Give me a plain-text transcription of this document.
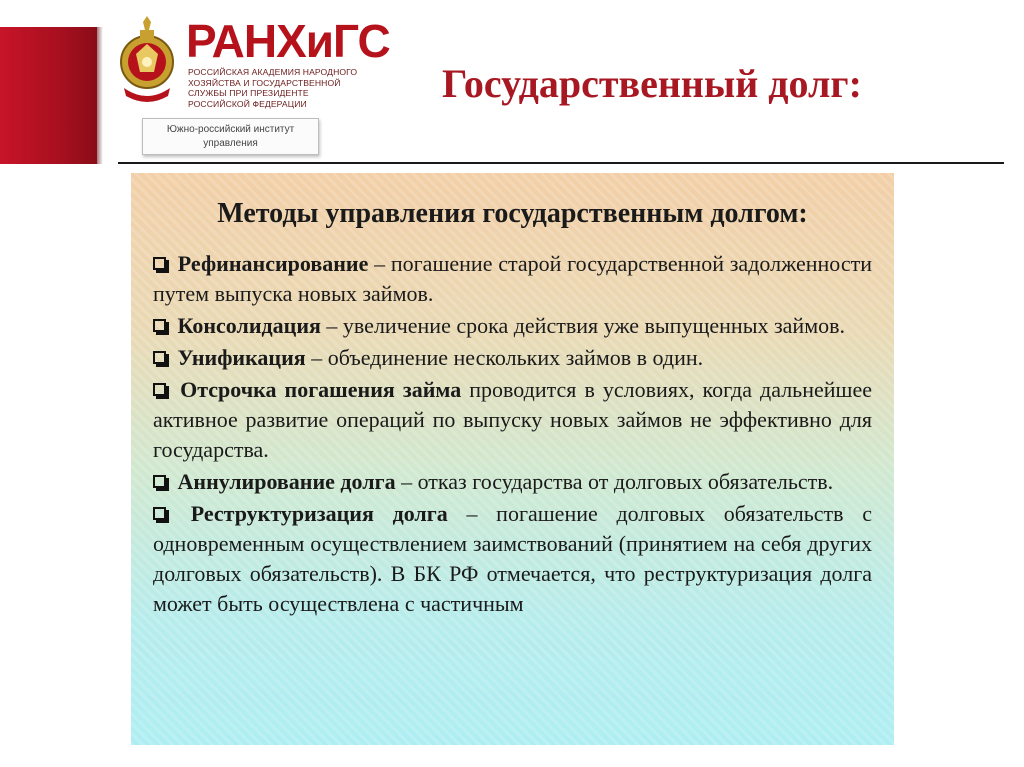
РАНХиГС
РОССИЙСКАЯ АКАДЕМИЯ НАРОДНОГО ХОЗЯЙСТВА И ГОСУДАРСТВЕННОЙ СЛУЖБЫ ПРИ ПРЕЗИДЕНТЕ РОССИЙСКОЙ ФЕДЕРАЦИИ
Южно-российский институт управления
Государственный долг:
Методы управления государственным долгом:
Рефинансирование – погашение старой государственной задолженности путем выпуска новых займов.
Консолидация – увеличение срока действия уже выпущенных займов.
Унификация – объединение нескольких займов в один.
Отсрочка погашения займа проводится в условиях, когда дальнейшее активное развитие операций по выпуску новых займов не эффективно для государства.
Аннулирование долга – отказ государства от долговых обязательств.
Реструктуризация долга – погашение долговых обязательств с одновременным осуществлением заимствований (принятием на себя других долговых обязательств). В БК РФ отмечается, что реструктуризация долга может быть осуществлена с частичным
